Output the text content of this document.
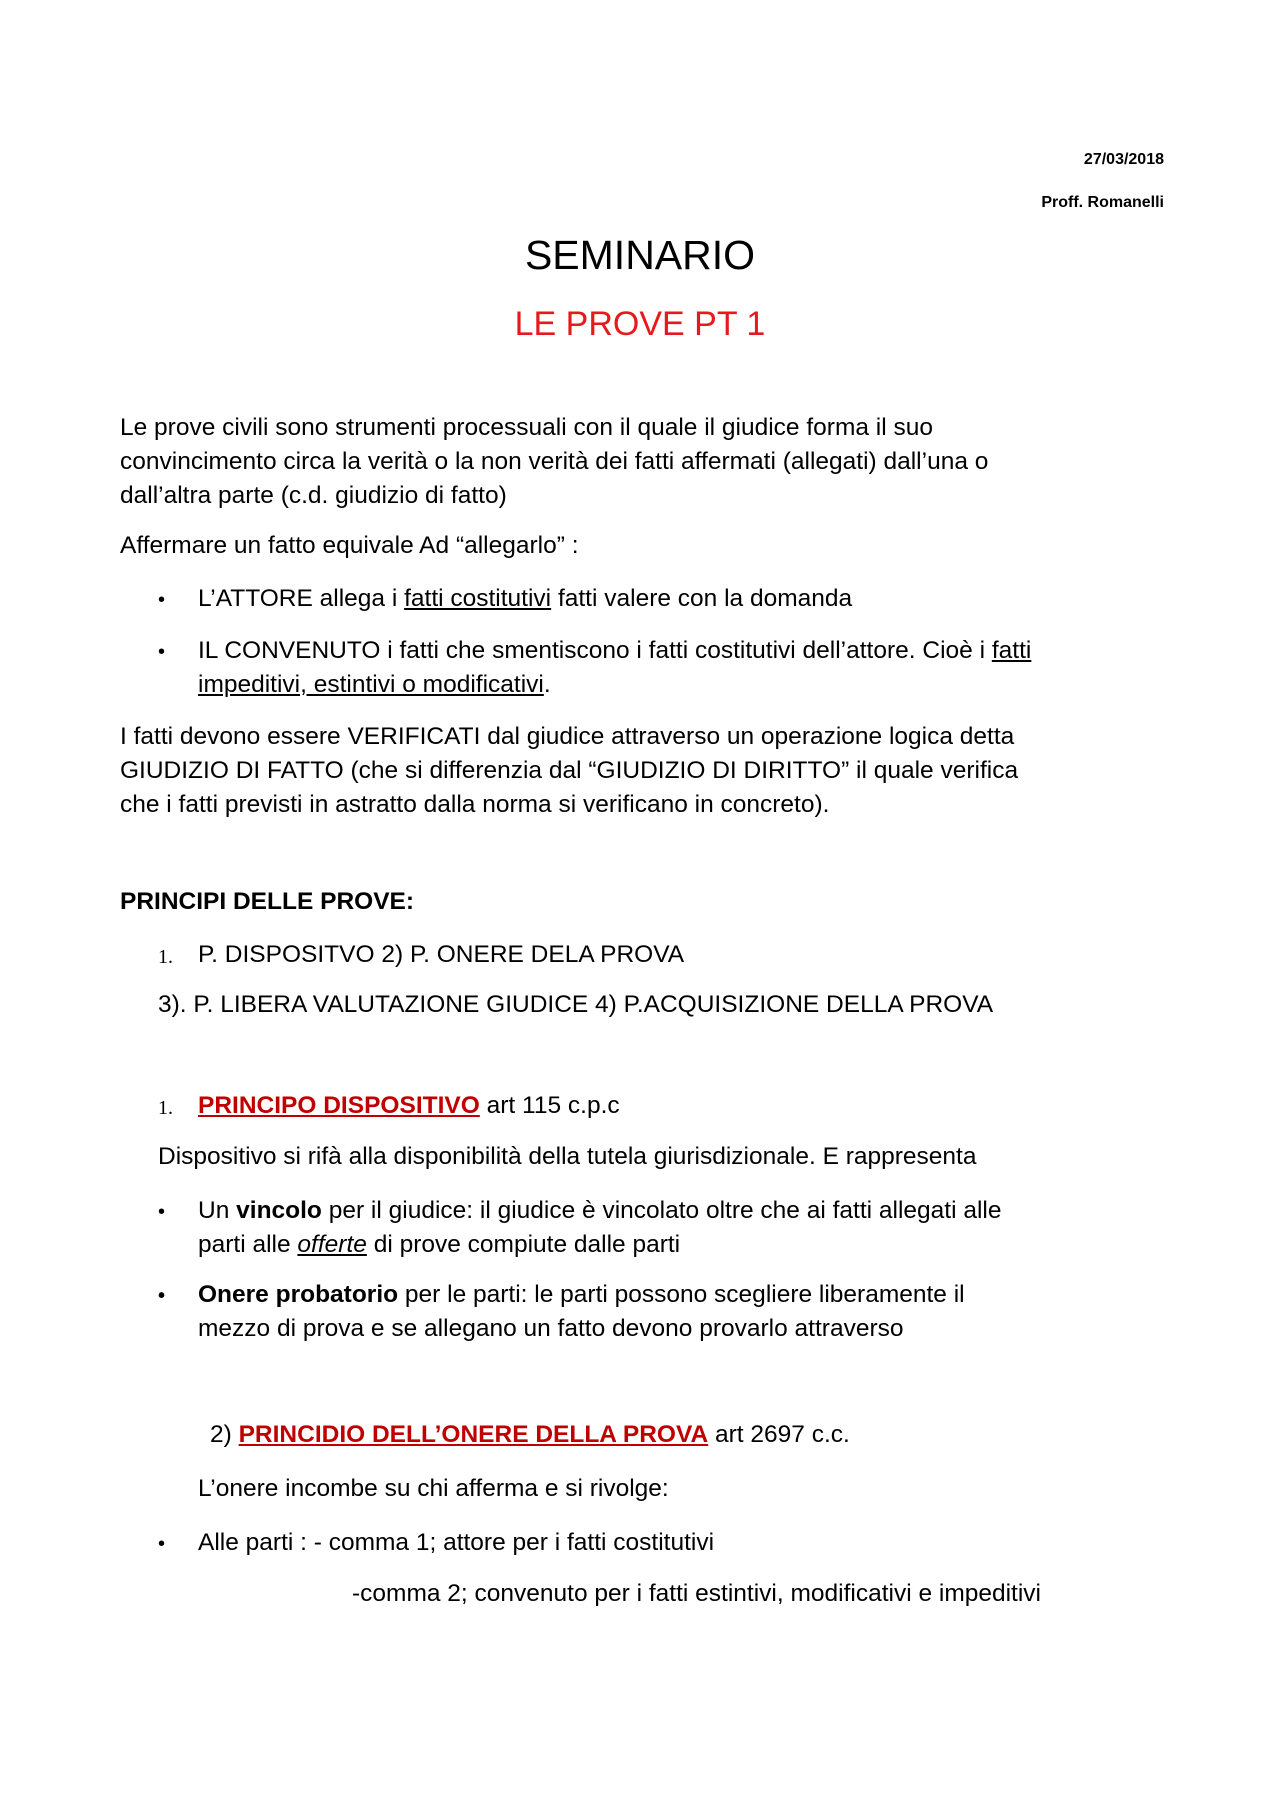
27/03/2018
Proff. Romanelli
SEMINARIO
LE PROVE PT 1
Le prove civili sono strumenti processuali con il quale il giudice forma il suo
convincimento circa la verità o la non verità dei fatti affermati (allegati) dall’una o
dall’altra parte (c.d. giudizio di fatto)
Affermare un fatto equivale Ad “allegarlo” :
• L’ATTORE allega i fatti costitutivi fatti valere con la domanda
• IL CONVENUTO i fatti che smentiscono i fatti costitutivi dell’attore. Cioè i fatti
impeditivi, estintivi o modificativi.
I fatti devono essere VERIFICATI dal giudice attraverso un operazione logica detta
GIUDIZIO DI FATTO (che si differenzia dal “GIUDIZIO DI DIRITTO” il quale verifica
che i fatti previsti in astratto dalla norma si verificano in concreto).
PRINCIPI DELLE PROVE:
1. P. DISPOSITVO 2) P. ONERE DELA PROVA
3). P. LIBERA VALUTAZIONE GIUDICE 4) P.ACQUISIZIONE DELLA PROVA
1. PRINCIPO DISPOSITIVO art 115 c.p.c
Dispositivo si rifà alla disponibilità della tutela giurisdizionale. E rappresenta
• Un vincolo per il giudice: il giudice è vincolato oltre che ai fatti allegati alle
parti alle offerte di prove compiute dalle parti
• Onere probatorio per le parti: le parti possono scegliere liberamente il
mezzo di prova e se allegano un fatto devono provarlo attraverso
2) PRINCIDIO DELL’ONERE DELLA PROVA art 2697 c.c.
L’onere incombe su chi afferma e si rivolge:
• Alle parti : - comma 1; attore per i fatti costitutivi
-comma 2; convenuto per i fatti estintivi, modificativi e impeditivi
